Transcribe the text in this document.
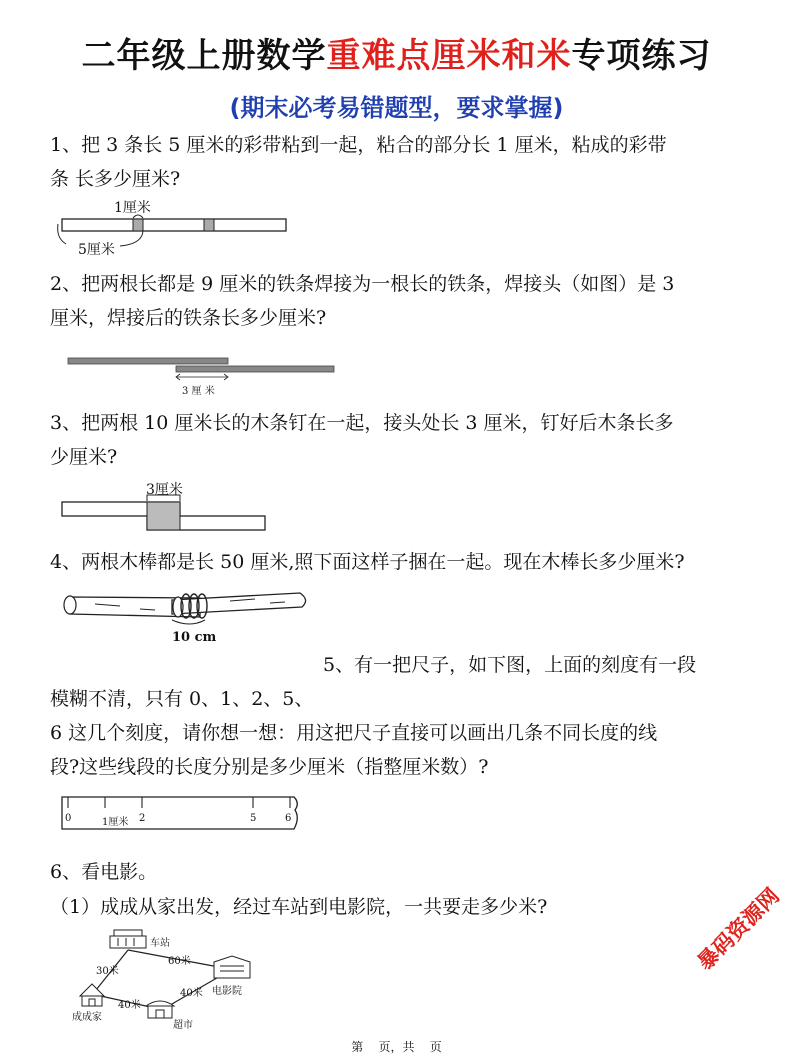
二年级上册数学重难点厘米和米专项练习
(期末必考易错题型，要求掌握)
1、把 3 条长 5 厘米的彩带粘到一起，粘合的部分长 1 厘米，粘成的彩带
条 长多少厘米?
1厘米
5厘米
2、把两根长都是 9 厘米的铁条焊接为一根长的铁条，焊接头（如图）是 3
厘米，焊接后的铁条长多少厘米?
3 厘 米
3、把两根 10 厘米长的木条钉在一起，接头处长 3 厘米，钉好后木条长多
少厘米?
3厘米
4、两根木棒都是长 50 厘米,照下面这样子捆在一起。现在木棒长多少厘米?
10 cm
5、有一把尺子，如下图，上面的刻度有一段
模糊不清，只有 0、1、2、5、
6 这几个刻度，请你想一想：用这把尺子直接可以画出几条不同长度的线
段?这些线段的长度分别是多少厘米（指整厘米数）?
0	1厘米 2	5	6
6、看电影。
（1）成成从家出发，经过车站到电影院，一共要走多少米?
车站
电影院
成成家
超市
30米
60米
40米
40米
暴码资源网
第    页，共    页
